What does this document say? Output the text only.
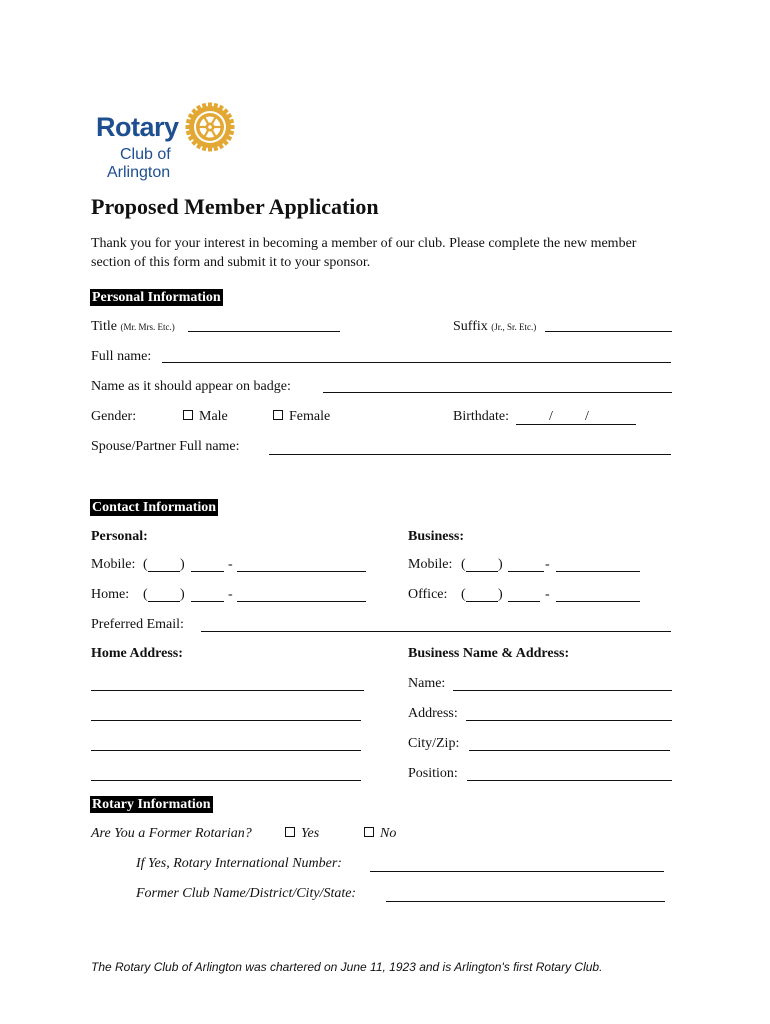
Rotary
Club of
Arlington
Proposed Member Application
Thank you for your interest in becoming a member of our club. Please complete the new member section of this form and submit it to your sponsor.
Personal Information
Title (Mr. Mrs. Etc.)	Suffix (Jr., Sr. Etc.)
Full name:
Name as it should appear on badge:
Gender:	Male	Female	Birthdate:	/ /
Spouse/Partner Full name:
Contact Information
Personal:	Business:
Mobile: ( )	-	Mobile: ( )	-
Home: ( )	-	Office: ( )	-
Preferred Email:
Home Address:	Business Name & Address:
Name:
Address:
City/Zip:
Position:
Rotary Information
Are You a Former Rotarian?	Yes	No
If Yes, Rotary International Number:
Former Club Name/District/City/State:
The Rotary Club of Arlington was chartered on June 11, 1923 and is Arlington's first Rotary Club.
